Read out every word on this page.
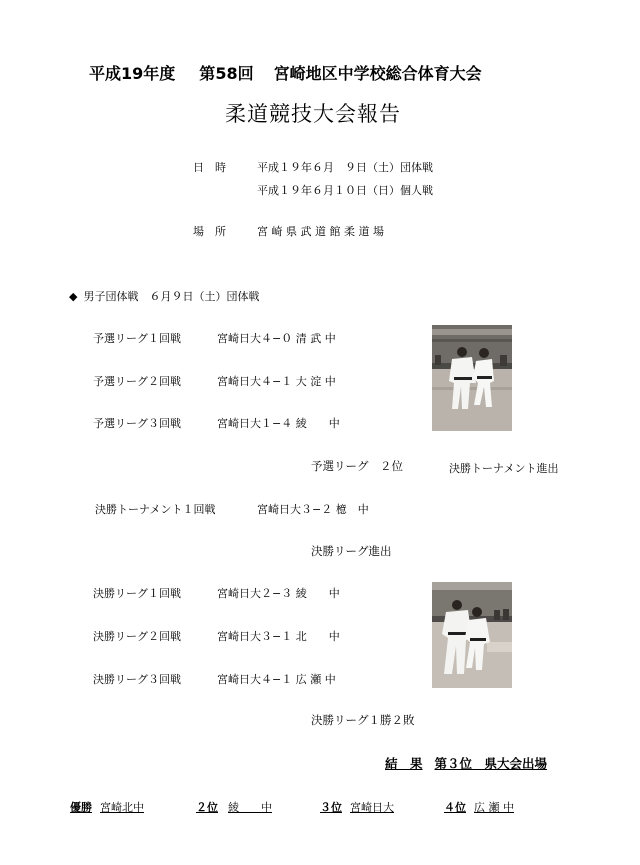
平成19年度 第58回 宮崎地区中学校総合体育大会
柔道競技大会報告
日　時	平成１９年６月　９日（土）団体戦
平成１９年６月１０日（日）個人戦
場　所	宮 崎 県 武 道 館 柔 道 場
◆ 男子団体戦　６月９日（土）団体戦
予選リーグ１回戦	宮崎日大４−０ 清 武 中
予選リーグ２回戦	宮崎日大４−１ 大 淀 中
予選リーグ３回戦	宮崎日大１−４ 綾　　中
予選リーグ　２位	決勝トーナメント進出
決勝トーナメント１回戦	宮崎日大３−２ 檍　中
決勝リーグ進出
決勝リーグ１回戦	宮崎日大２−３ 綾　　中
決勝リーグ２回戦	宮崎日大３−１ 北　　中
決勝リーグ３回戦	宮崎日大４−１ 広 瀬 中
決勝リーグ１勝２敗
結　果 第３位　県大会出場
優勝 宮崎北中	２位 綾　　中	３位 宮崎日大	４位 広 瀬 中
